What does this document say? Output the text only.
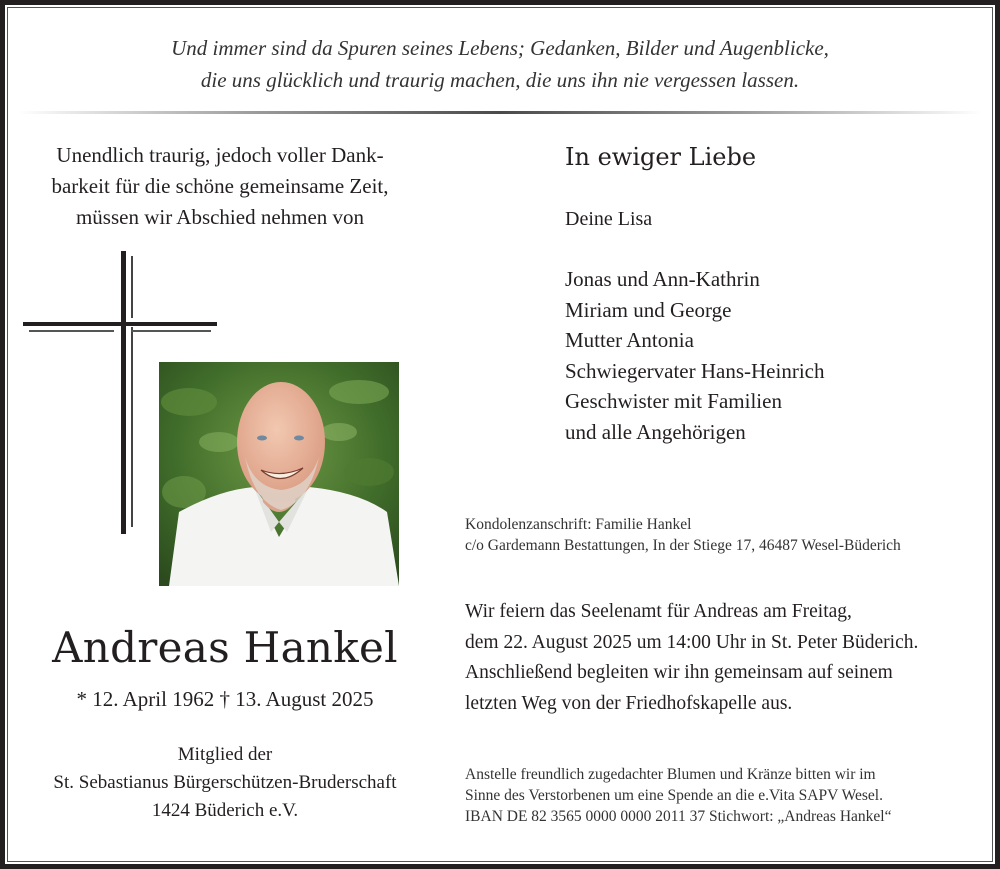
Und immer sind da Spuren seines Lebens; Gedanken, Bilder und Augenblicke,
die uns glücklich und traurig machen, die uns ihn nie vergessen lassen.
Unendlich traurig, jedoch voller Dank-
barkeit für die schöne gemeinsame Zeit,
müssen wir Abschied nehmen von
Andreas Hankel
* 12. April 1962 † 13. August 2025
Mitglied der
St. Sebastianus Bürgerschützen-Bruderschaft
1424 Büderich e.V.
In ewiger Liebe
Deine Lisa
Jonas und Ann-Kathrin
Miriam und George
Mutter Antonia
Schwiegervater Hans-Heinrich
Geschwister mit Familien
und alle Angehörigen
Kondolenzanschrift: Familie Hankel
c/o Gardemann Bestattungen, In der Stiege 17, 46487 Wesel-Büderich
Wir feiern das Seelenamt für Andreas am Freitag,
dem 22. August 2025 um 14:00 Uhr in St. Peter Büderich.
Anschließend begleiten wir ihn gemeinsam auf seinem
letzten Weg von der Friedhofskapelle aus.
Anstelle freundlich zugedachter Blumen und Kränze bitten wir im
Sinne des Verstorbenen um eine Spende an die e.Vita SAPV Wesel.
IBAN DE 82 3565 0000 0000 2011 37 Stichwort: „Andreas Hankel“
